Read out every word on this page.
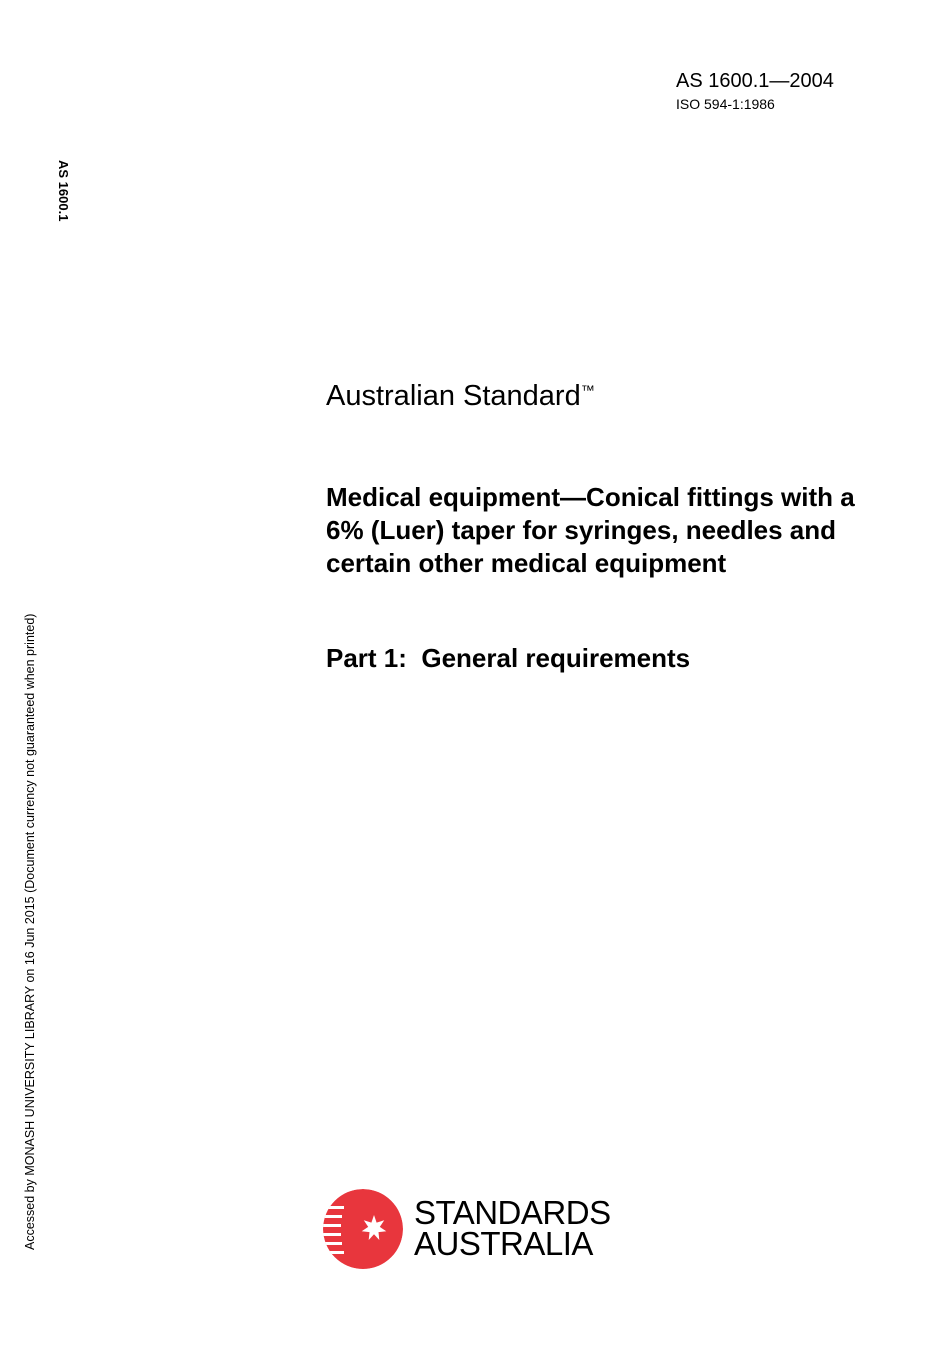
AS 1600.1—2004
ISO 594-1:1986
AS 1600.1
Accessed by MONASH UNIVERSITY LIBRARY on 16 Jun 2015 (Document currency not guaranteed when printed)
Australian Standard™
Medical equipment—Conical fittings with a 6% (Luer) taper for syringes, needles and certain other medical equipment
Part 1:  General requirements
STANDARDS
AUSTRALIA
